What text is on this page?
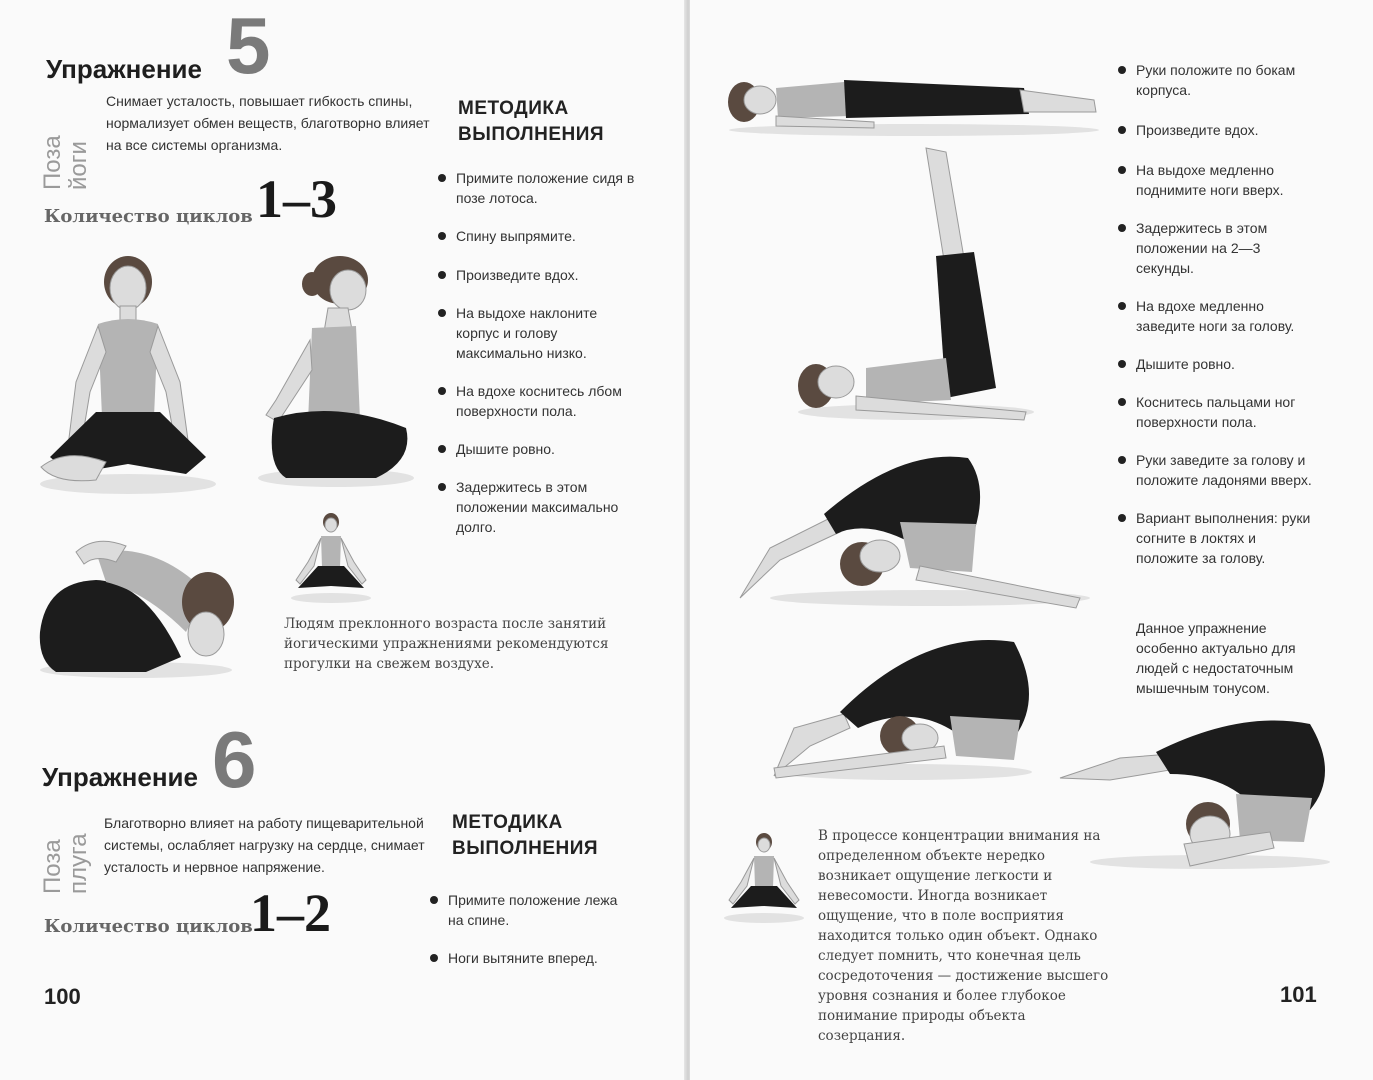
Упражнение 5
Поза йоги
Снимает усталость, повышает гибкость спины, нормализует обмен веществ, благотворно влияет на все системы организма.
Количество циклов 1–3
МЕТОДИКА ВЫПОЛНЕНИЯ
Примите положение сидя в позе лотоса.
Спину выпрямите.
Произведите вдох.
На выдохе наклоните корпус и голову максимально низко.
На вдохе коснитесь лбом поверхности пола.
Дышите ровно.
Задержитесь в этом положении максимально долго.
Людям преклонного возраста после занятий йогическими упражнениями рекомендуются прогулки на свежем воздухе.
Упражнение 6
Поза плуга
Благотворно влияет на работу пищеварительной системы, ослабляет нагрузку на сердце, снимает усталость и нервное напряжение.
Количество циклов
1–2
МЕТОДИКА ВЫПОЛНЕНИЯ
Примите положение лежа на спине.
Ноги вытяните вперед.
100
Руки положите по бокам корпуса.
Произведите вдох.
На выдохе медленно поднимите ноги вверх.
Задержитесь в этом положении на 2—3 секунды.
На вдохе медленно заведите ноги за голову.
Дышите ровно.
Коснитесь пальцами ног поверхности пола.
Руки заведите за голову и положите ладонями вверх.
Вариант выполнения: руки согните в локтях и положите за голову.
Данное упражнение особенно актуально для людей с недостаточным мышечным тонусом.
В процессе концентрации внимания на определенном объекте нередко возникает ощущение легкости и невесомости. Иногда возникает ощущение, что в поле восприятия находится только один объект. Однако следует помнить, что конечная цель сосредоточения — достижение высшего уровня сознания и более глубокое понимание природы объекта созерцания.
101
